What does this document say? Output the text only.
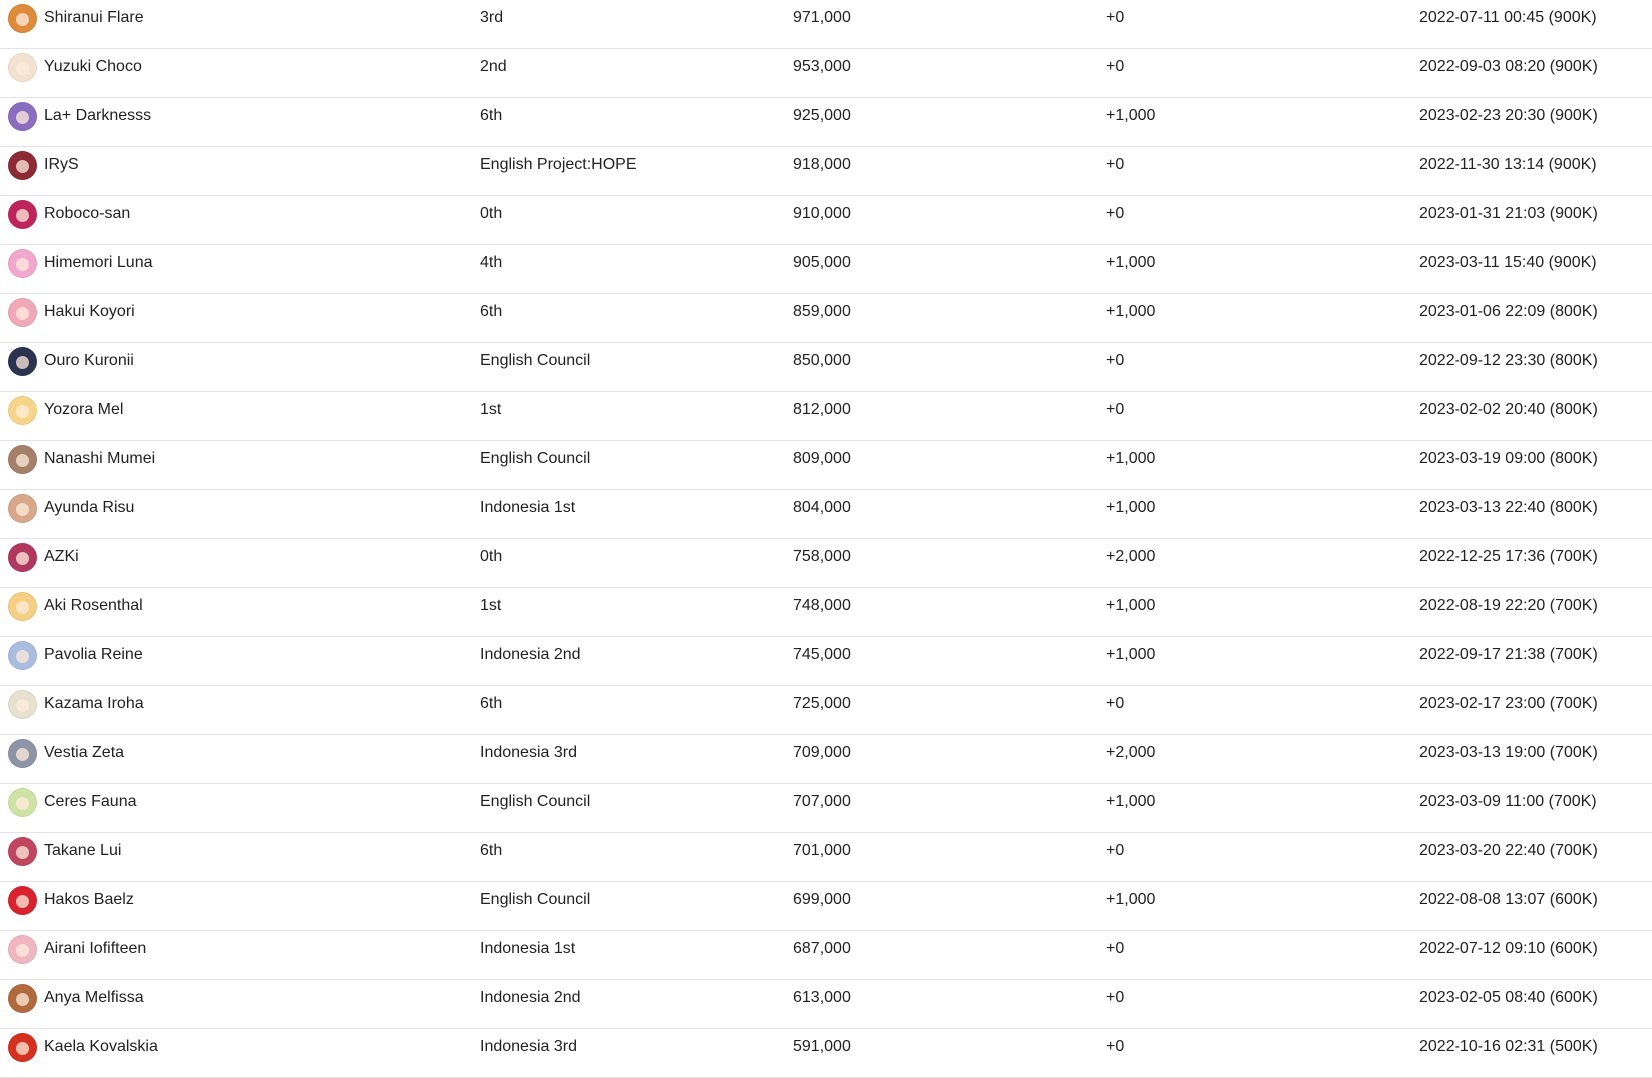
Shiranui Flare	3rd	971,000	+0	2022-07-11 00:45 (900K)
Yuzuki Choco	2nd	953,000	+0	2022-09-03 08:20 (900K)
La+ Darknesss	6th	925,000	+1,000	2023-02-23 20:30 (900K)
IRyS	English Project:HOPE	918,000	+0	2022-11-30 13:14 (900K)
Roboco-san	0th	910,000	+0	2023-01-31 21:03 (900K)
Himemori Luna	4th	905,000	+1,000	2023-03-11 15:40 (900K)
Hakui Koyori	6th	859,000	+1,000	2023-01-06 22:09 (800K)
Ouro Kuronii	English Council	850,000	+0	2022-09-12 23:30 (800K)
Yozora Mel	1st	812,000	+0	2023-02-02 20:40 (800K)
Nanashi Mumei	English Council	809,000	+1,000	2023-03-19 09:00 (800K)
Ayunda Risu	Indonesia 1st	804,000	+1,000	2023-03-13 22:40 (800K)
AZKi	0th	758,000	+2,000	2022-12-25 17:36 (700K)
Aki Rosenthal	1st	748,000	+1,000	2022-08-19 22:20 (700K)
Pavolia Reine	Indonesia 2nd	745,000	+1,000	2022-09-17 21:38 (700K)
Kazama Iroha	6th	725,000	+0	2023-02-17 23:00 (700K)
Vestia Zeta	Indonesia 3rd	709,000	+2,000	2023-03-13 19:00 (700K)
Ceres Fauna	English Council	707,000	+1,000	2023-03-09 11:00 (700K)
Takane Lui	6th	701,000	+0	2023-03-20 22:40 (700K)
Hakos Baelz	English Council	699,000	+1,000	2022-08-08 13:07 (600K)
Airani Iofifteen	Indonesia 1st	687,000	+0	2022-07-12 09:10 (600K)
Anya Melfissa	Indonesia 2nd	613,000	+0	2023-02-05 08:40 (600K)
Kaela Kovalskia	Indonesia 3rd	591,000	+0	2022-10-16 02:31 (500K)
